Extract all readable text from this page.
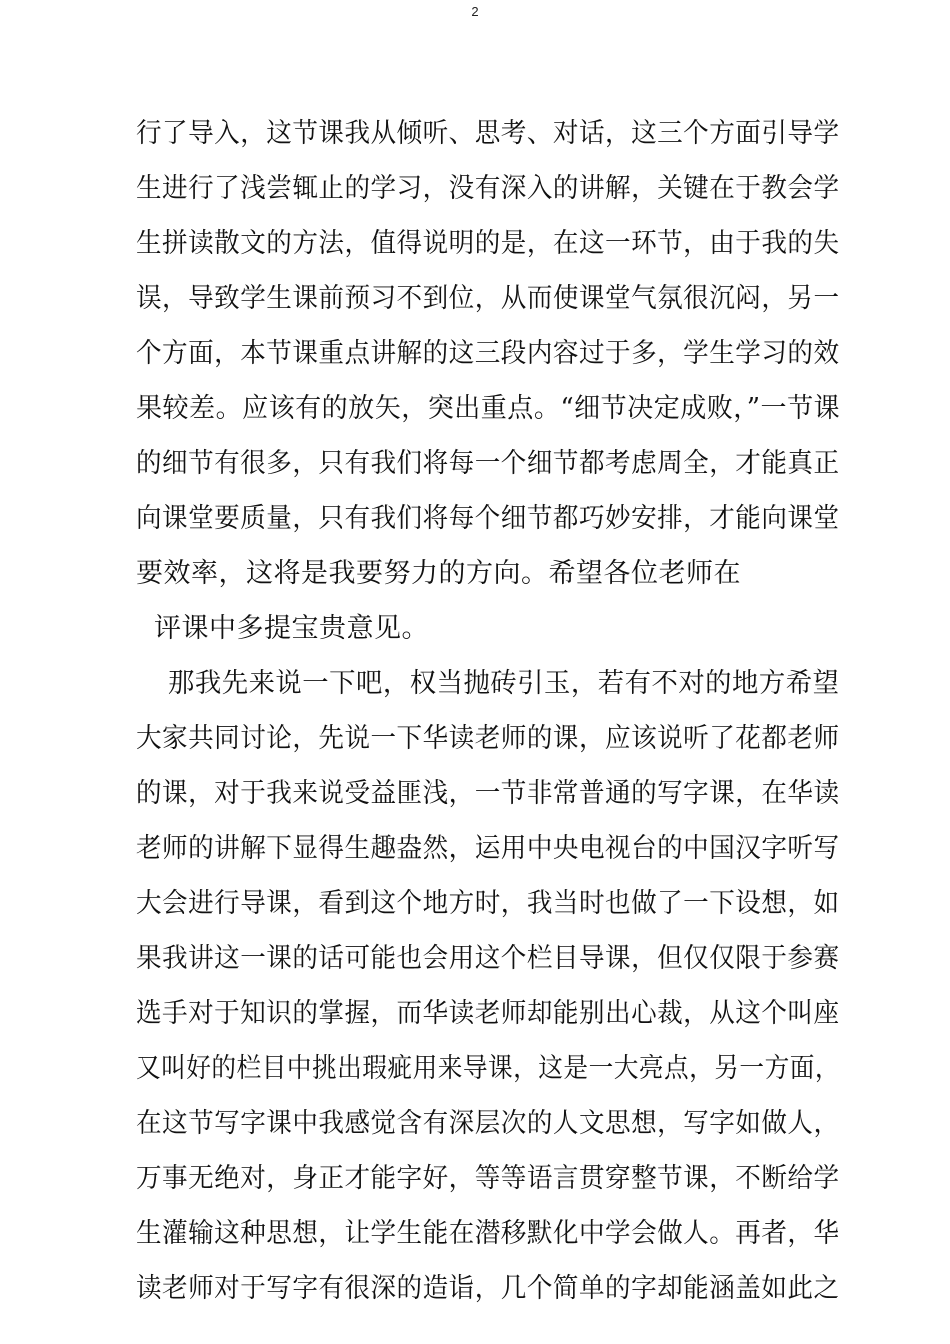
2
行了导入，这节课我从倾听、思考、对话，这三个方面引导学
生进行了浅尝辄止的学习，没有深入的讲解，关键在于教会学
生拼读散文的方法，值得说明的是，在这一环节，由于我的失
误，导致学生课前预习不到位，从而使课堂气氛很沉闷，另一
个方面，本节课重点讲解的这三段内容过于多，学生学习的效
果较差。应该有的放矢，突出重点。“细节决定成败，”一节课
的细节有很多，只有我们将每一个细节都考虑周全，才能真正
向课堂要质量，只有我们将每个细节都巧妙安排，才能向课堂
要效率，这将是我要努力的方向。希望各位老师在
评课中多提宝贵意见。
那我先来说一下吧，权当抛砖引玉，若有不对的地方希望
大家共同讨论，先说一下华读老师的课，应该说听了花都老师
的课，对于我来说受益匪浅，一节非常普通的写字课，在华读
老师的讲解下显得生趣盎然，运用中央电视台的中国汉字听写
大会进行导课，看到这个地方时，我当时也做了一下设想，如
果我讲这一课的话可能也会用这个栏目导课，但仅仅限于参赛
选手对于知识的掌握，而华读老师却能别出心裁，从这个叫座
又叫好的栏目中挑出瑕疵用来导课，这是一大亮点，另一方面，
在这节写字课中我感觉含有深层次的人文思想，写字如做人，
万事无绝对，身正才能字好，等等语言贯穿整节课，不断给学
生灌输这种思想，让学生能在潜移默化中学会做人。再者，华
读老师对于写字有很深的造诣，几个简单的字却能涵盖如此之
